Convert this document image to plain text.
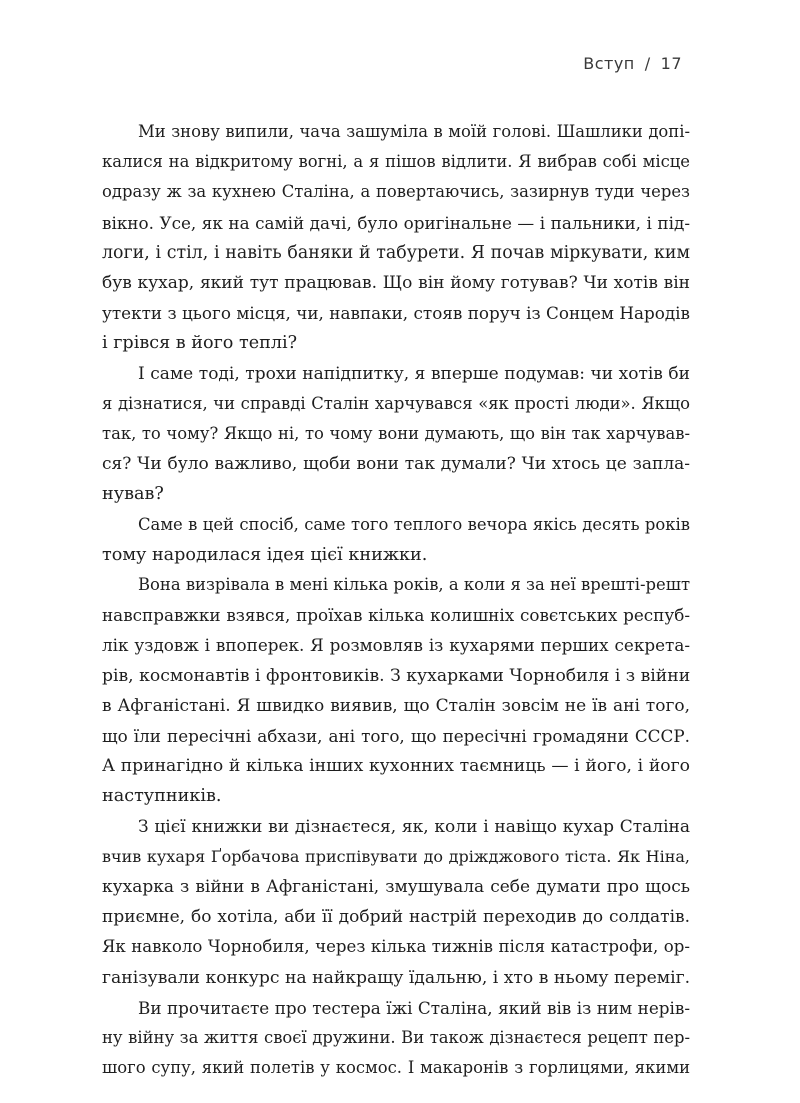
Вступ / 17

Ми знову випили, чача зашуміла в моїй голові. Шашлики допі-
калися на відкритому вогні, а я пішов відлити. Я вибрав собі місце
одразу ж за кухнею Сталіна, а повертаючись, зазирнув туди через
вікно. Усе, як на самій дачі, було оригінальне — і пальники, і під-
логи, і стіл, і навіть баняки й табурети. Я почав міркувати, ким
був кухар, який тут працював. Що він йому готував? Чи хотів він
утекти з цього місця, чи, навпаки, стояв поруч із Сонцем Народів
і грівся в його теплі?

І саме тоді, трохи напідпитку, я вперше подумав: чи хотів би
я дізнатися, чи справді Сталін харчувався «як прості люди». Якщо
так, то чому? Якщо ні, то чому вони думають, що він так харчував-
ся? Чи було важливо, щоби вони так думали? Чи хтось це запла-
нував?

Саме в цей спосіб, саме того теплого вечора якісь десять років
тому народилася ідея цієї книжки.

Вона визрівала в мені кілька років, а коли я за неї врешті-решт
навсправжки взявся, проїхав кілька колишніх совєтських респуб-
лік уздовж і впоперек. Я розмовляв із кухарями перших секрета-
рів, космонавтів і фронтовиків. З кухарками Чорнобиля і з війни
в Афганістані. Я швидко виявив, що Сталін зовсім не їв ані того,
що їли пересічні абхази, ані того, що пересічні громадяни СССР.
А принагідно й кілька інших кухонних таємниць — і його, і його
наступників.

З цієї книжки ви дізнаєтеся, як, коли і навіщо кухар Сталіна
вчив кухаря Ґорбачова приспівувати до дріжджового тіста. Як Ніна,
кухарка з війни в Афганістані, змушувала себе думати про щось
приємне, бо хотіла, аби її добрий настрій переходив до солдатів.
Як навколо Чорнобиля, через кілька тижнів після катастрофи, ор-
ганізували конкурс на найкращу їдальню, і хто в ньому переміг.

Ви прочитаєте про тестера їжі Сталіна, який вів із ним нерів-
ну війну за життя своєї дружини. Ви також дізнаєтеся рецепт пер-
шого супу, який полетів у космос. І макаронів з горлицями, якими
